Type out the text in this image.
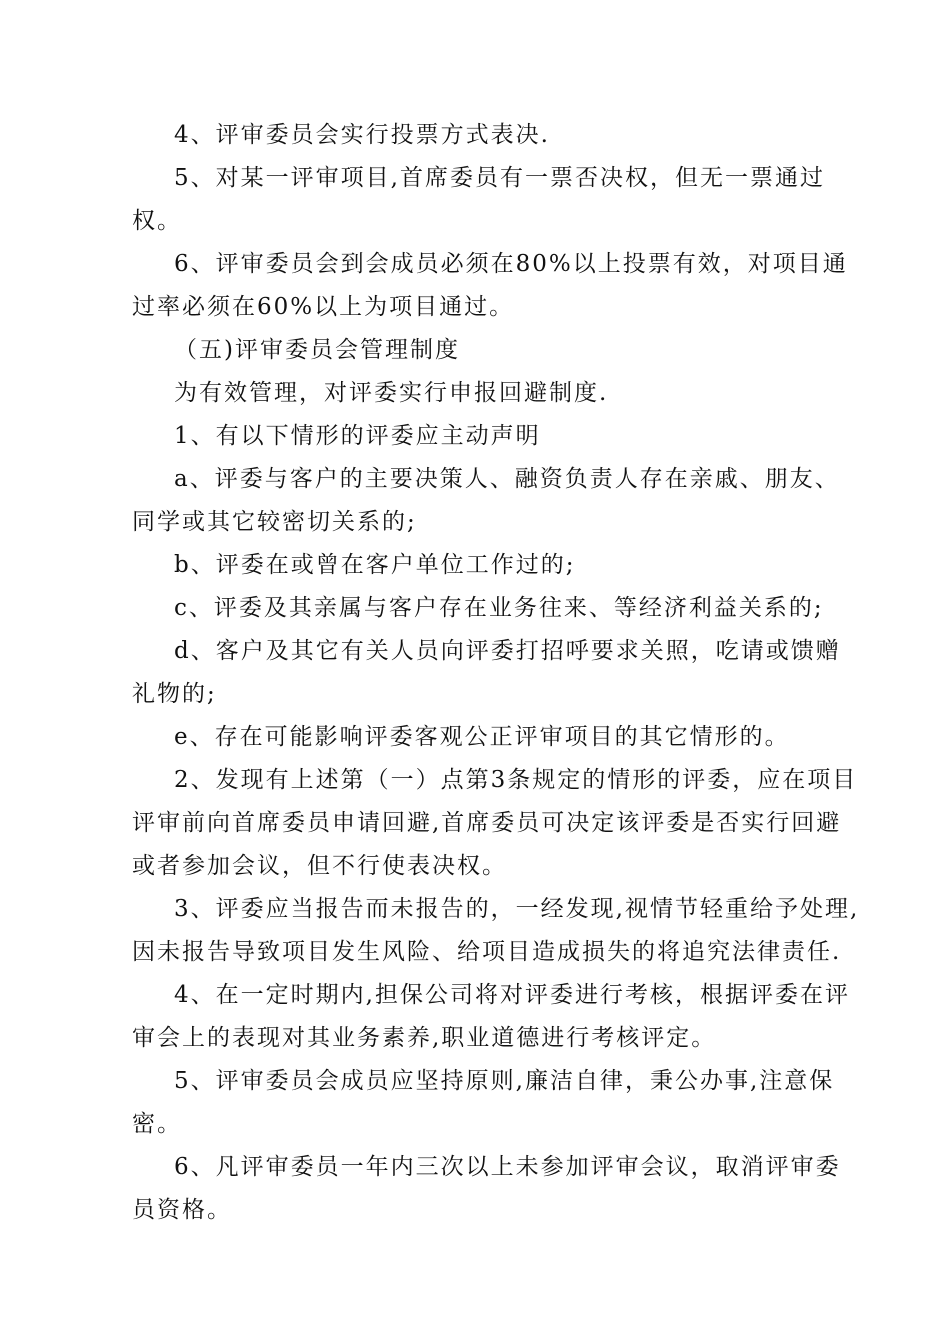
4、评审委员会实行投票方式表决.

5、对某一评审项目,首席委员有一票否决权，但无一票通过权。

6、评审委员会到会成员必须在80%以上投票有效，对项目通过率必须在60%以上为项目通过。

（五)评审委员会管理制度

为有效管理，对评委实行申报回避制度.

1、有以下情形的评委应主动声明

a、评委与客户的主要决策人、融资负责人存在亲戚、朋友、同学或其它较密切关系的;

b、评委在或曾在客户单位工作过的;

c、评委及其亲属与客户存在业务往来、等经济利益关系的;

d、客户及其它有关人员向评委打招呼要求关照，吃请或馈赠礼物的;

e、存在可能影响评委客观公正评审项目的其它情形的。

2、发现有上述第（一）点第3条规定的情形的评委，应在项目评审前向首席委员申请回避,首席委员可决定该评委是否实行回避或者参加会议，但不行使表决权。

3、评委应当报告而未报告的，一经发现,视情节轻重给予处理,因未报告导致项目发生风险、给项目造成损失的将追究法律责任.

4、在一定时期内,担保公司将对评委进行考核，根据评委在评审会上的表现对其业务素养,职业道德进行考核评定。

5、评审委员会成员应坚持原则,廉洁自律，秉公办事,注意保密。

6、凡评审委员一年内三次以上未参加评审会议，取消评审委员资格。
